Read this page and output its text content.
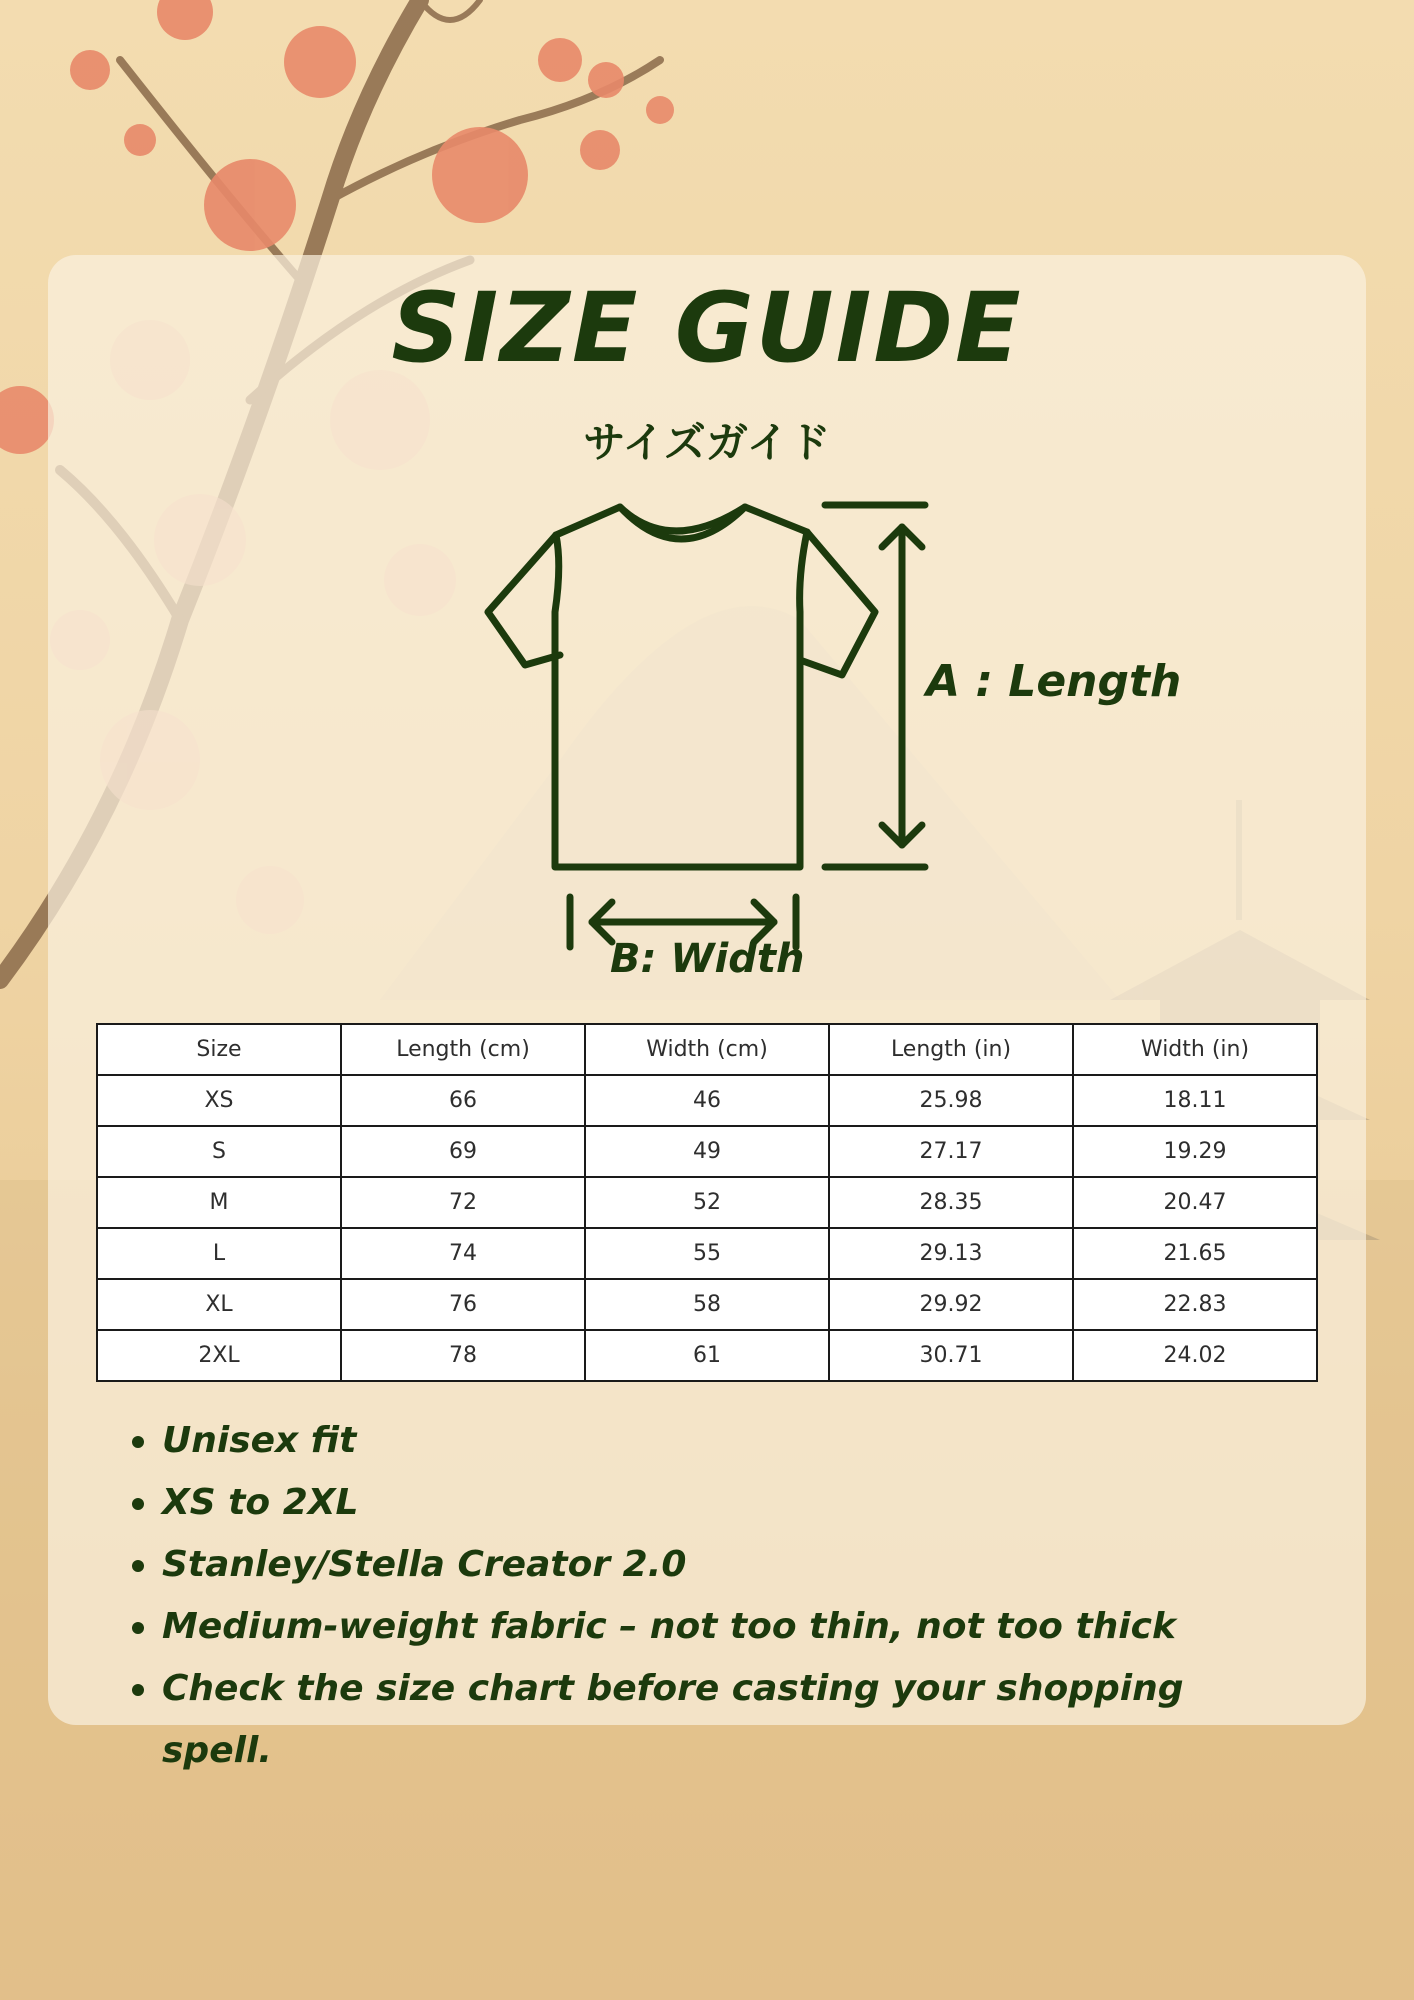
SIZE GUIDE
サイズガイド
A : Length
B: Width
Size	Length (cm)	Width (cm)	Length (in)	Width (in)
XS	66	46	25.98	18.11
S	69	49	27.17	19.29
M	72	52	28.35	20.47
L	74	55	29.13	21.65
XL	76	58	29.92	22.83
2XL	78	61	30.71	24.02
Unisex fit
XS to 2XL
Stanley/Stella Creator 2.0
Medium-weight fabric – not too thin, not too thick
Check the size chart before casting your shopping spell.
